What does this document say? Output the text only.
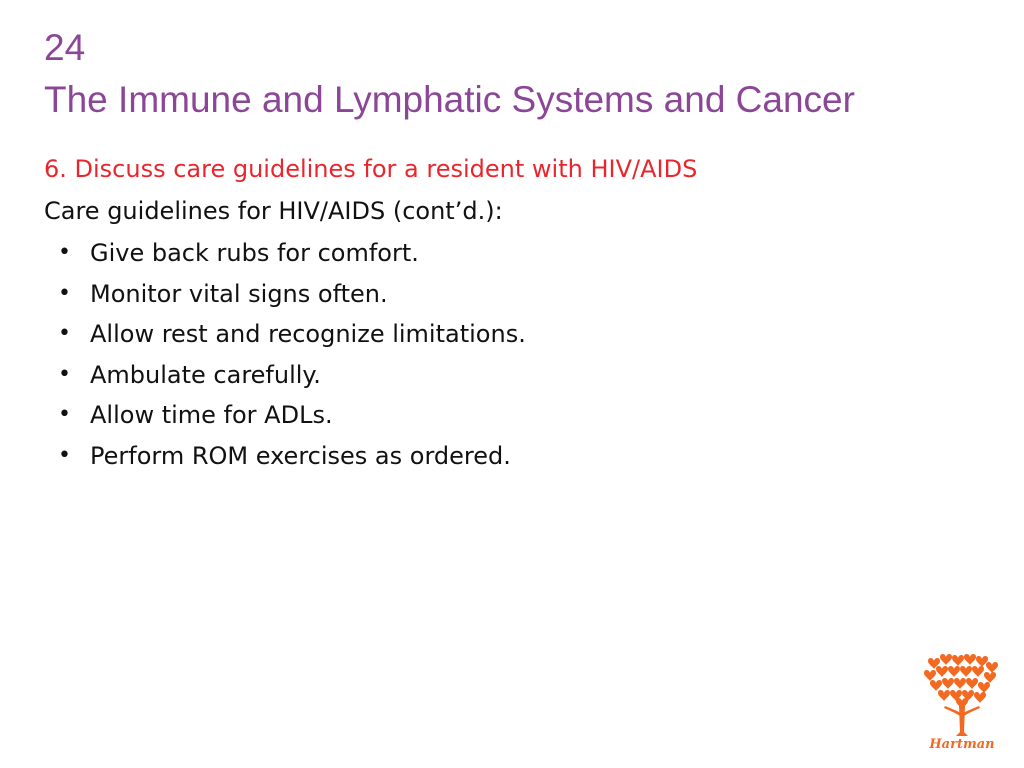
24
The Immune and Lymphatic Systems and Cancer

6. Discuss care guidelines for a resident with HIV/AIDS

Care guidelines for HIV/AIDS (cont’d.):

• Give back rubs for comfort.
• Monitor vital signs often.
• Allow rest and recognize limitations.
• Ambulate carefully.
• Allow time for ADLs.
• Perform ROM exercises as ordered.
Hartman
